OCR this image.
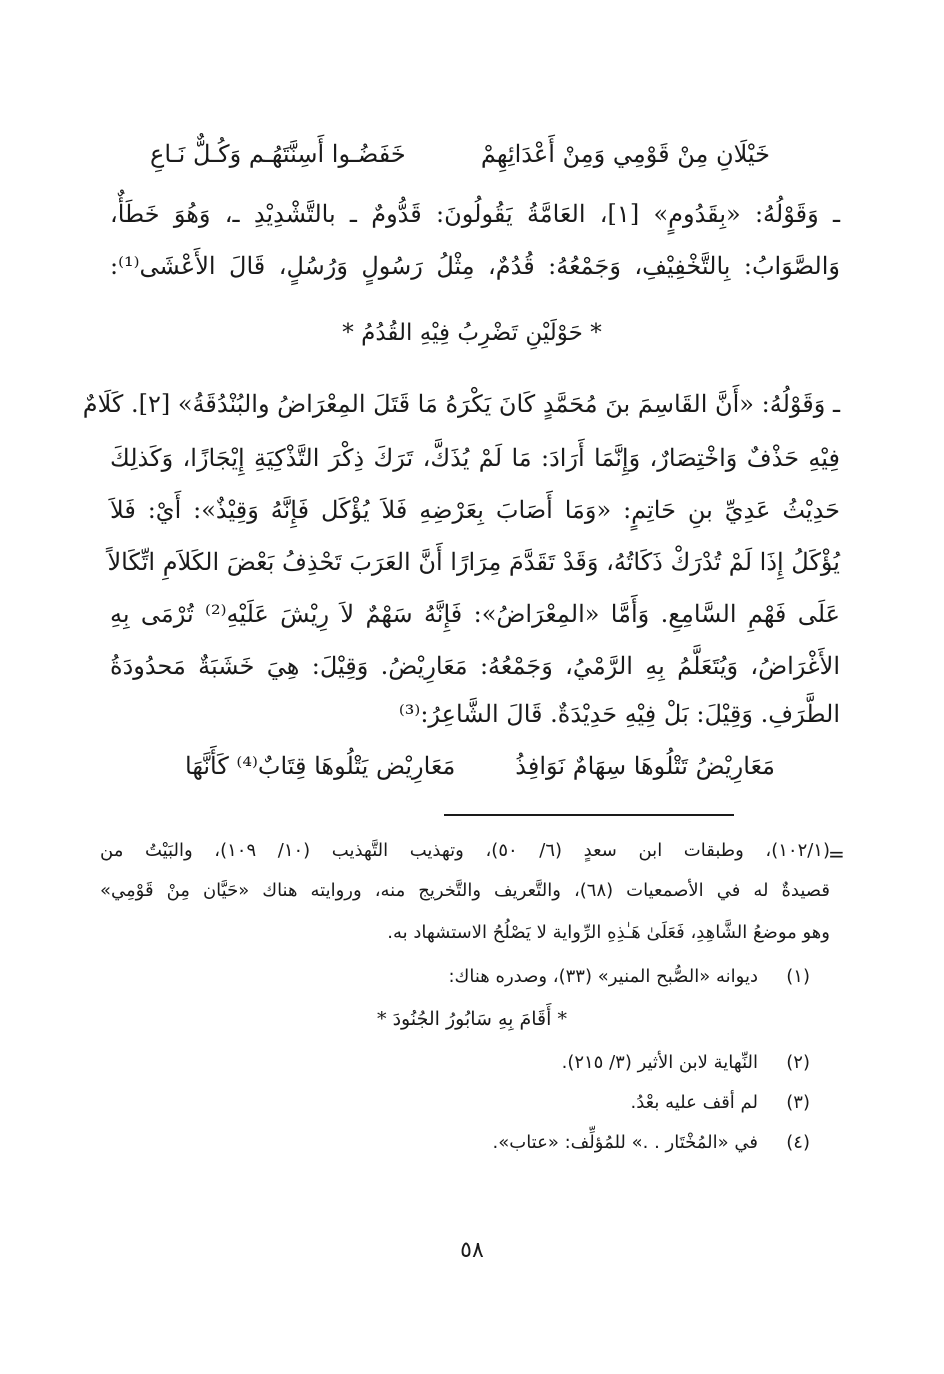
خَيْلَانِ مِنْ قَوْمِي وَمِنْ أَعْدَائِهِمْ
خَفَضُـوا أَسِنَّتَهُـم وَكُـلٌّ نَـاعِ
ـ وَقَوْلُهُ: «بِقَدُومٍ» [١]، العَامَّةُ يَقُولُونَ: قَدُّومٌ ـ بالتَّشْدِيْدِ ـ، وَهُوَ خَطَأٌ،
وَالصَّوَابُ: بِالتَّخْفِيْفِ، وَجَمْعُهُ: قُدُمٌ، مِثْلُ رَسُولٍ وَرُسُلٍ، قَالَ الأَعْشَى⁽¹⁾:
* حَوْلَيْنِ تَضْرِبُ فِيْهِ القُدُمُ *
ـ وَقَوْلُهُ: «أَنَّ القَاسِمَ بنَ مُحَمَّدٍ كَانَ يَكْرَهُ مَا قَتَلَ المِعْرَاضُ والبُنْدُقَةُ» [٢]. كَلَامٌ
فِيْهِ حَذْفٌ وَاخْتِصَارٌ، وَإِنَّمَا أَرَادَ: مَا لَمْ يُذَكَّ، تَرَكَ ذِكْرَ التَّذْكِيَةِ إِيْجَازًا، وَكَذلِكَ
حَدِيْثُ عَدِيِّ بنِ حَاتِمٍ: «وَمَا أَصَابَ بِعَرْضِهِ فَلاَ يُؤْكَل فَإِنَّهُ وَقِيْذٌ»: أَيْ: فَلاَ
يُؤْكَلُ إِذَا لَمْ تُدْرَكْ ذَكَاتُهُ، وَقَدْ تَقَدَّمَ مِرَارًا أَنَّ العَرَبَ تَحْذِفُ بَعْضَ الكَلاَمِ اتِّكَالاً
عَلَى فَهْمِ السَّامِعِ. وَأَمَّا «المِعْرَاضُ»: فَإِنَّهُ سَهْمٌ لاَ رِيْشَ عَلَيْهِ⁽²⁾ تُرْمَى بِهِ
الأَغْرَاضُ، وَيُتَعَلَّمُ بِهِ الرَّمْيُ، وَجَمْعُهُ: مَعَارِيْضُ. وَقِيْلَ: هِيَ خَشَبَةٌ مَحدُودَةُ
الطَّرَفِ. وَقِيْلَ: بَلْ فِيْهِ حَدِيْدَةٌ. قَالَ الشَّاعِرُ:⁽³⁾
مَعَارِيْضُ تَتْلُوهَا سِهَامٌ نَوَافِذُ
مَعَارِيْض يَتْلُوهَا قِتَابٌ⁽⁴⁾ كَأَنَّهَا
=
(١٠٢/١)، وطبقات ابن سعدٍ (٦/ ٥٠)، وتهذيب التَّهذيب (١٠/ ١٠٩)، والبَيْتُ من
قصيدةٌ له في الأصمعيات (٦٨)، والتَّعريف والتَّخريج منه، وروايته هناك «حَيَّان مِنْ قَوْمِي»
وهو موضعُ الشَّاهِدِ، فَعَلَىٰ هَـٰذِهِ الرِّواية لا يَصْلُحُ الاستشهاد به.
(١)ديوانه «الصُّبح المنير» (٣٣)، وصدره هناك:
* أَقَامَ بِهِ سَابُورُ الجُنُودَ *
(٢)النِّهاية لابن الأثير (٣/ ٢١٥).
(٣)لم أقف عليه بعْدُ.
(٤)في «المُخْتَار . .» للمُؤلِّف: «عتاب».
٥٨
